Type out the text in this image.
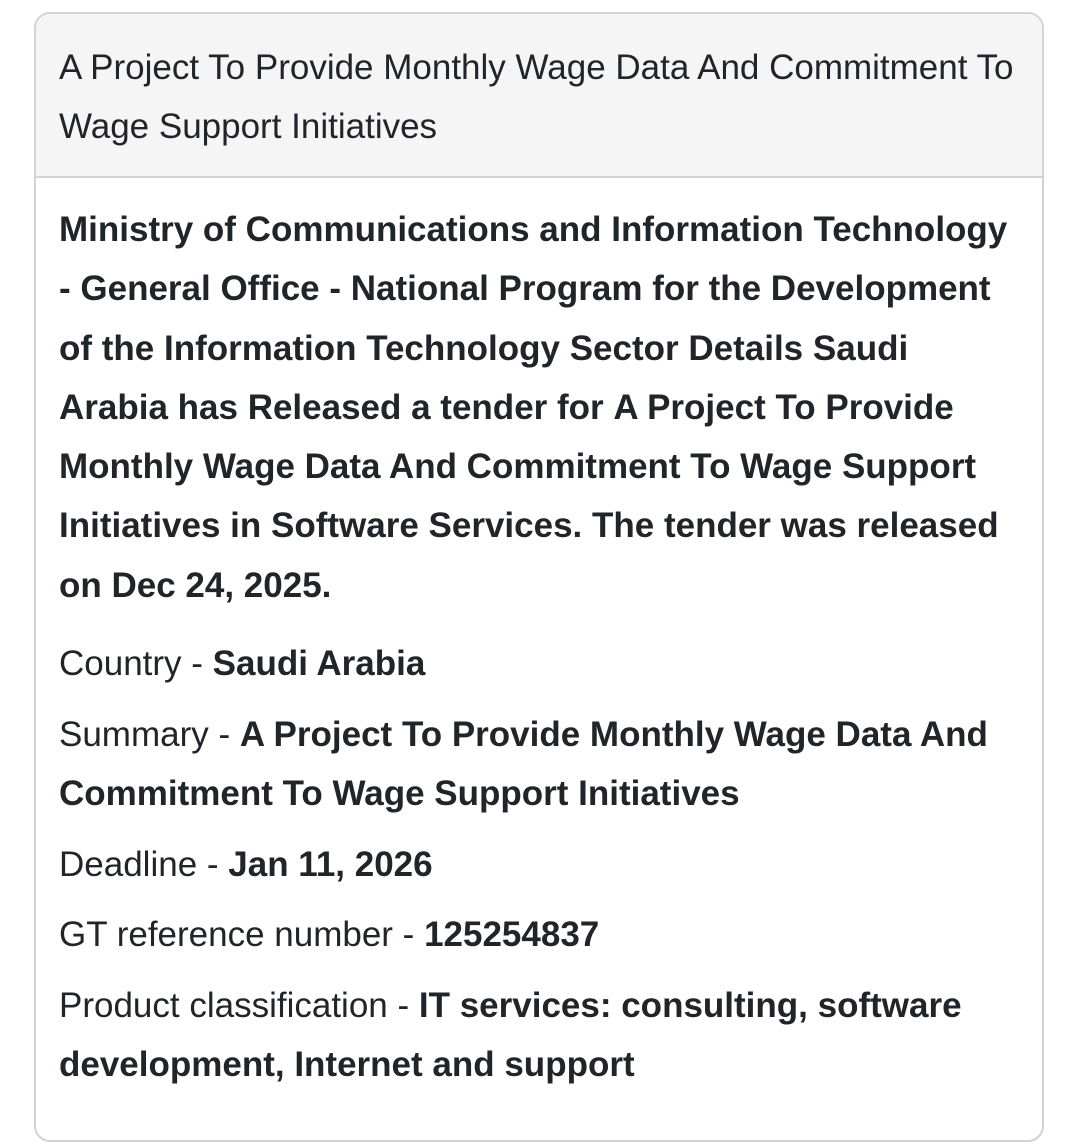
A Project To Provide Monthly Wage Data And Commitment To Wage Support Initiatives

Ministry of Communications and Information Technology - General Office - National Program for the Development of the Information Technology Sector Details Saudi Arabia has Released a tender for A Project To Provide Monthly Wage Data And Commitment To Wage Support Initiatives in Software Services. The tender was released on Dec 24, 2025.

Country - Saudi Arabia

Summary - A Project To Provide Monthly Wage Data And Commitment To Wage Support Initiatives

Deadline - Jan 11, 2026

GT reference number - 125254837

Product classification - IT services: consulting, software development, Internet and support
